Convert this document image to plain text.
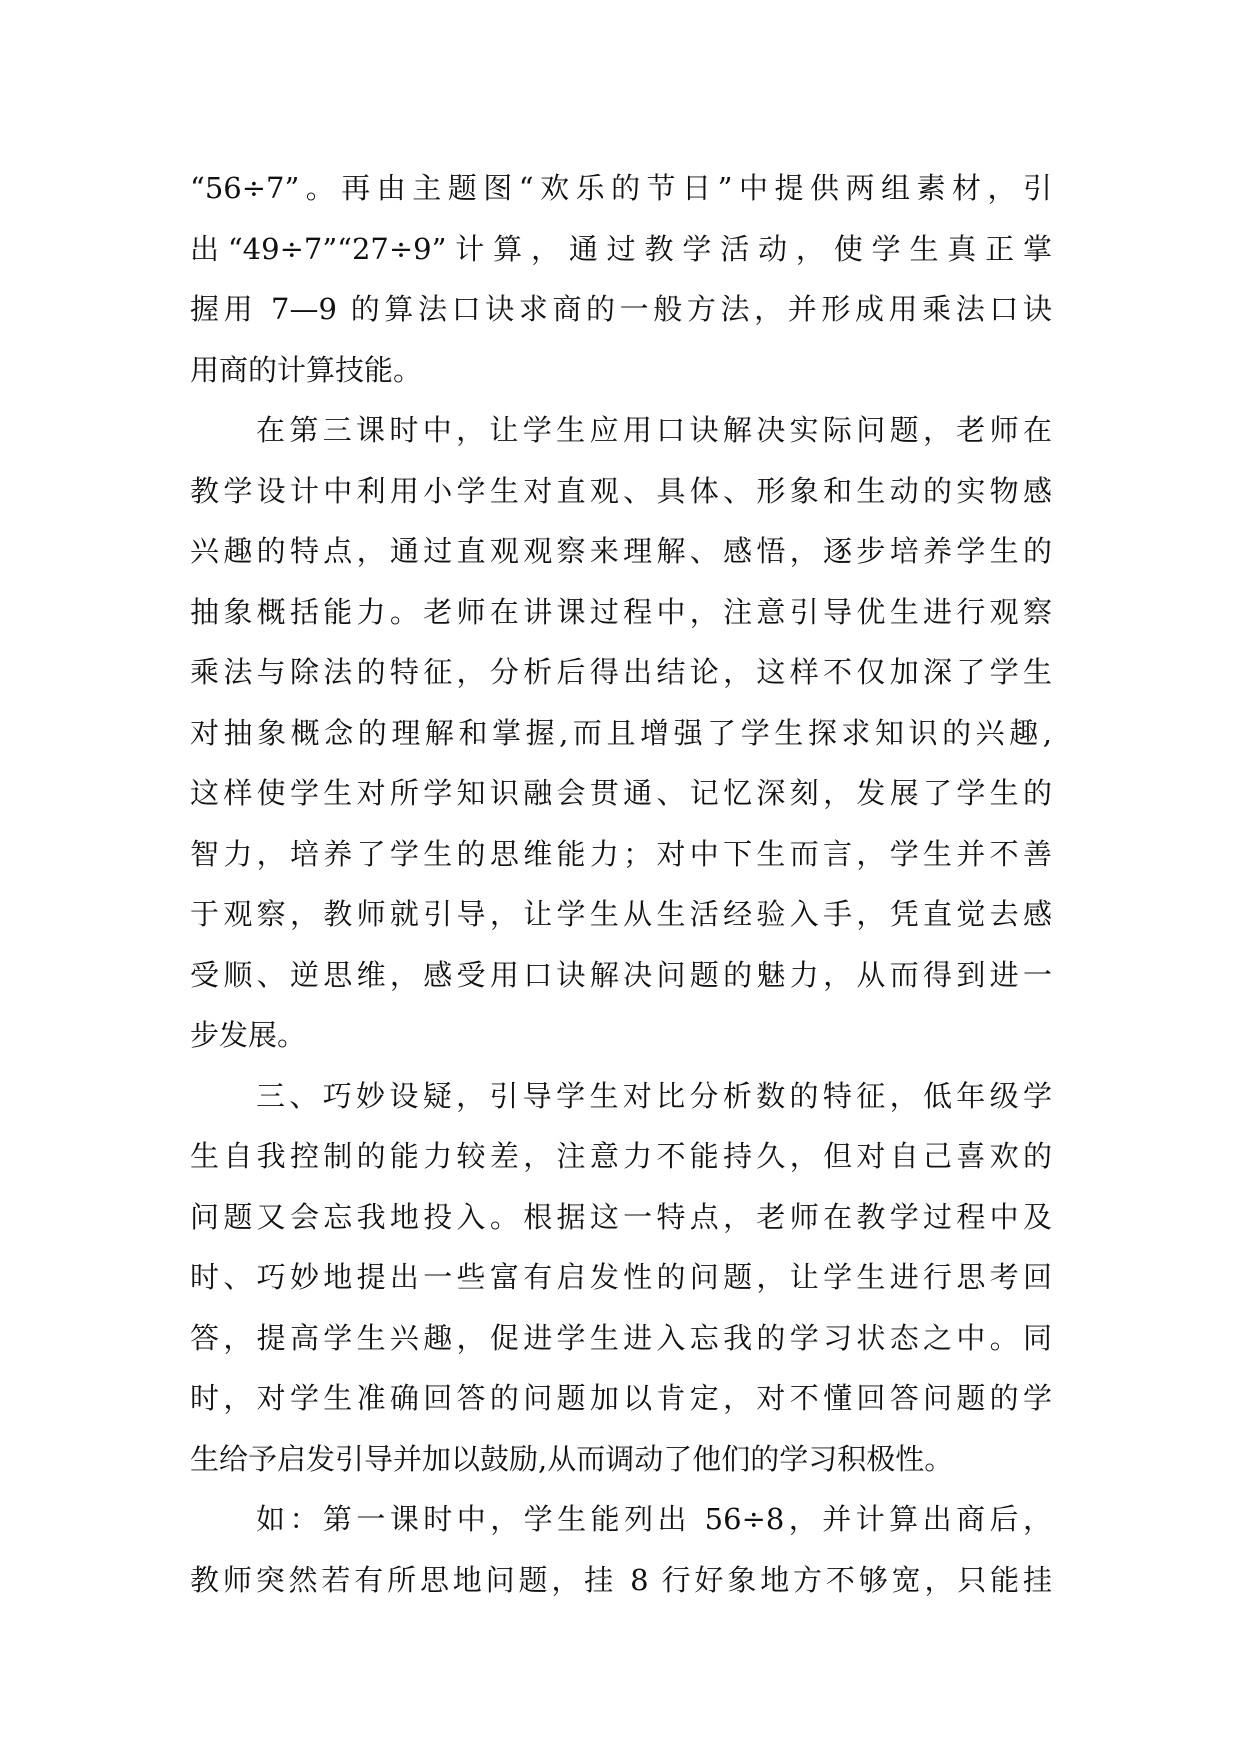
“56÷7”。再由主题图“欢乐的节日”中提供两组素材，引
出“49÷7”“27÷9”计算，通过教学活动，使学生真正掌
握用 7—9 的算法口诀求商的一般方法，并形成用乘法口诀
用商的计算技能。
在第三课时中，让学生应用口诀解决实际问题，老师在
教学设计中利用小学生对直观、具体、形象和生动的实物感
兴趣的特点，通过直观观察来理解、感悟，逐步培养学生的
抽象概括能力。老师在讲课过程中，注意引导优生进行观察
乘法与除法的特征，分析后得出结论，这样不仅加深了学生
对抽象概念的理解和掌握,而且增强了学生探求知识的兴趣,
这样使学生对所学知识融会贯通、记忆深刻，发展了学生的
智力，培养了学生的思维能力；对中下生而言，学生并不善
于观察，教师就引导，让学生从生活经验入手，凭直觉去感
受顺、逆思维，感受用口诀解决问题的魅力，从而得到进一
步发展。
三、巧妙设疑，引导学生对比分析数的特征，低年级学
生自我控制的能力较差，注意力不能持久，但对自己喜欢的
问题又会忘我地投入。根据这一特点，老师在教学过程中及
时、巧妙地提出一些富有启发性的问题，让学生进行思考回
答，提高学生兴趣，促进学生进入忘我的学习状态之中。同
时，对学生准确回答的问题加以肯定，对不懂回答问题的学
生给予启发引导并加以鼓励,从而调动了他们的学习积极性。
如：第一课时中，学生能列出 56÷8，并计算出商后，
教师突然若有所思地问题，挂 8 行好象地方不够宽，只能挂
